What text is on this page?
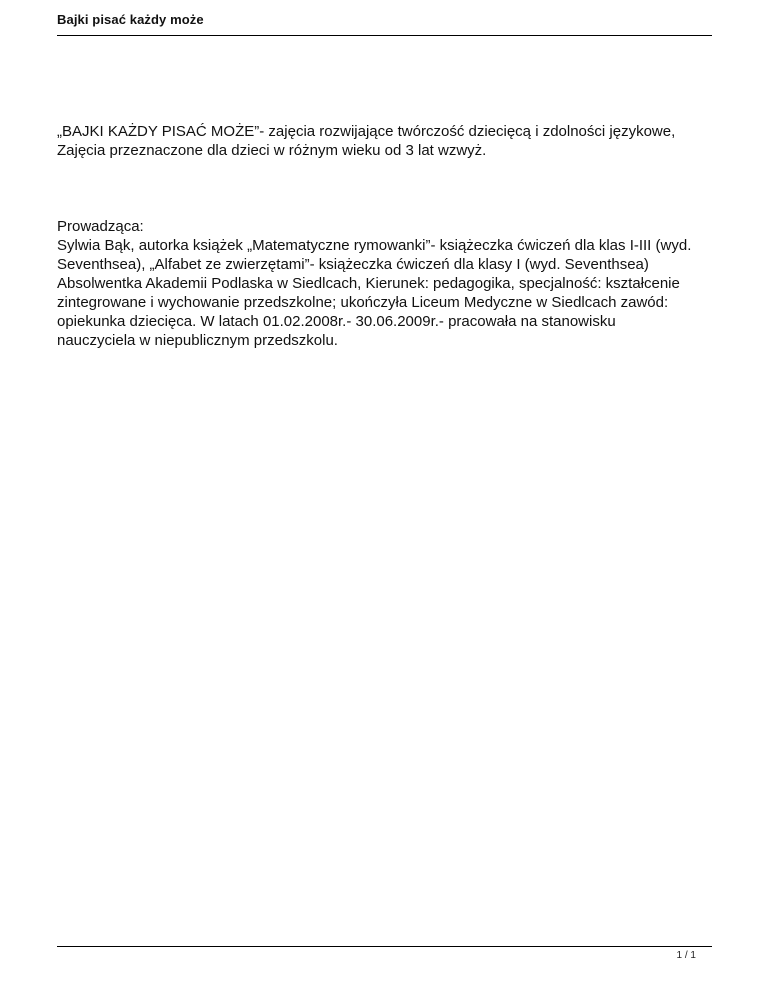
Bajki pisać każdy może

„BAJKI KAŻDY PISAĆ MOŻE”- zajęcia rozwijające twórczość dziecięcą i zdolności językowe,
Zajęcia przeznaczone dla dzieci w różnym wieku od 3 lat wzwyż.

Prowadząca:
Sylwia Bąk, autorka książek „Matematyczne rymowanki”- książeczka ćwiczeń dla klas I-III (wyd.
Seventhsea), „Alfabet ze zwierzętami”- książeczka ćwiczeń dla klasy I (wyd. Seventhsea)
Absolwentka Akademii Podlaska w Siedlcach, Kierunek: pedagogika, specjalność: kształcenie
zintegrowane i wychowanie przedszkolne; ukończyła Liceum Medyczne w Siedlcach zawód:
opiekunka dziecięca. W latach 01.02.2008r.- 30.06.2009r.- pracowała na stanowisku
nauczyciela w niepublicznym przedszkolu.

1 / 1
